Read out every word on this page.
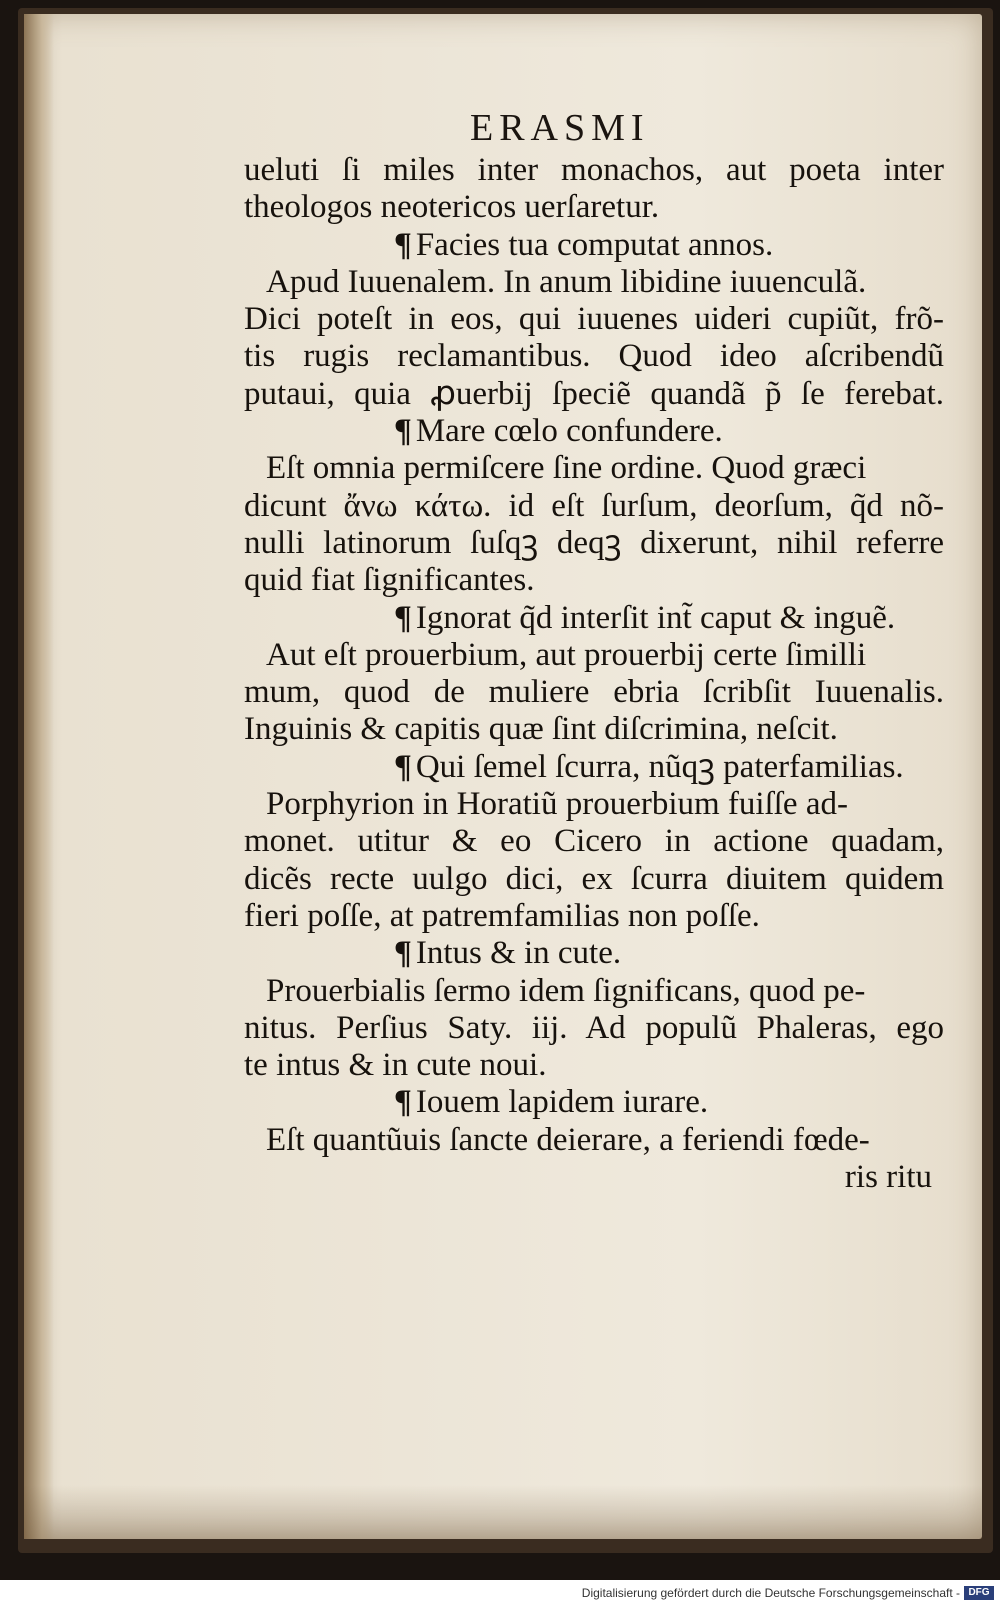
ERASMI
ueluti ſi miles inter monachos, aut poeta inter
theologos neotericos uerſaretur.
¶ Facies tua computat annos.
Apud Iuuenalem. In anum libidine iuuenculã.
Dici poteſt in eos, qui iuuenes uideri cupiũt, frõ-
tis rugis reclamantibus. Quod ideo aſcribendũ
putaui, quia ꝓuerbĳ ſpeciẽ quandã p̃ ſe ferebat.
¶ Mare cœlo confundere.
Eſt omnia permiſcere ſine ordine. Quod græci
dicunt ἄνω κάτω. id eſt ſurſum, deorſum, q̃d nõ-
nulli latinorum ſuſqꝫ deqꝫ dixerunt, nihil referre
quid fiat ſignificantes.
¶ Ignorat q̃d interſit int̃ caput & inguẽ.
Aut eſt prouerbium, aut prouerbĳ certe ſimilli
mum, quod de muliere ebria ſcribſit Iuuenalis.
Inguinis & capitis quæ ſint diſcrimina, neſcit.
¶ Qui ſemel ſcurra, nũqꝫ paterfamilias.
Porphyrion in Horatiũ prouerbium fuiſſe ad-
monet. utitur & eo Cicero in actione quadam,
dicẽs recte uulgo dici, ex ſcurra diuitem quidem
fieri poſſe, at patremfamilias non poſſe.
¶ Intus & in cute.
Prouerbialis ſermo idem ſignificans, quod pe-
nitus. Perſius Saty. iĳ. Ad populũ Phaleras, ego
te intus & in cute noui.
¶ Iouem lapidem iurare.
Eſt quantũuis ſancte deierare, a feriendi fœde-
ris ritu
Digitalisierung gefördert durch die Deutsche Forschungsgemeinschaft - DFG
